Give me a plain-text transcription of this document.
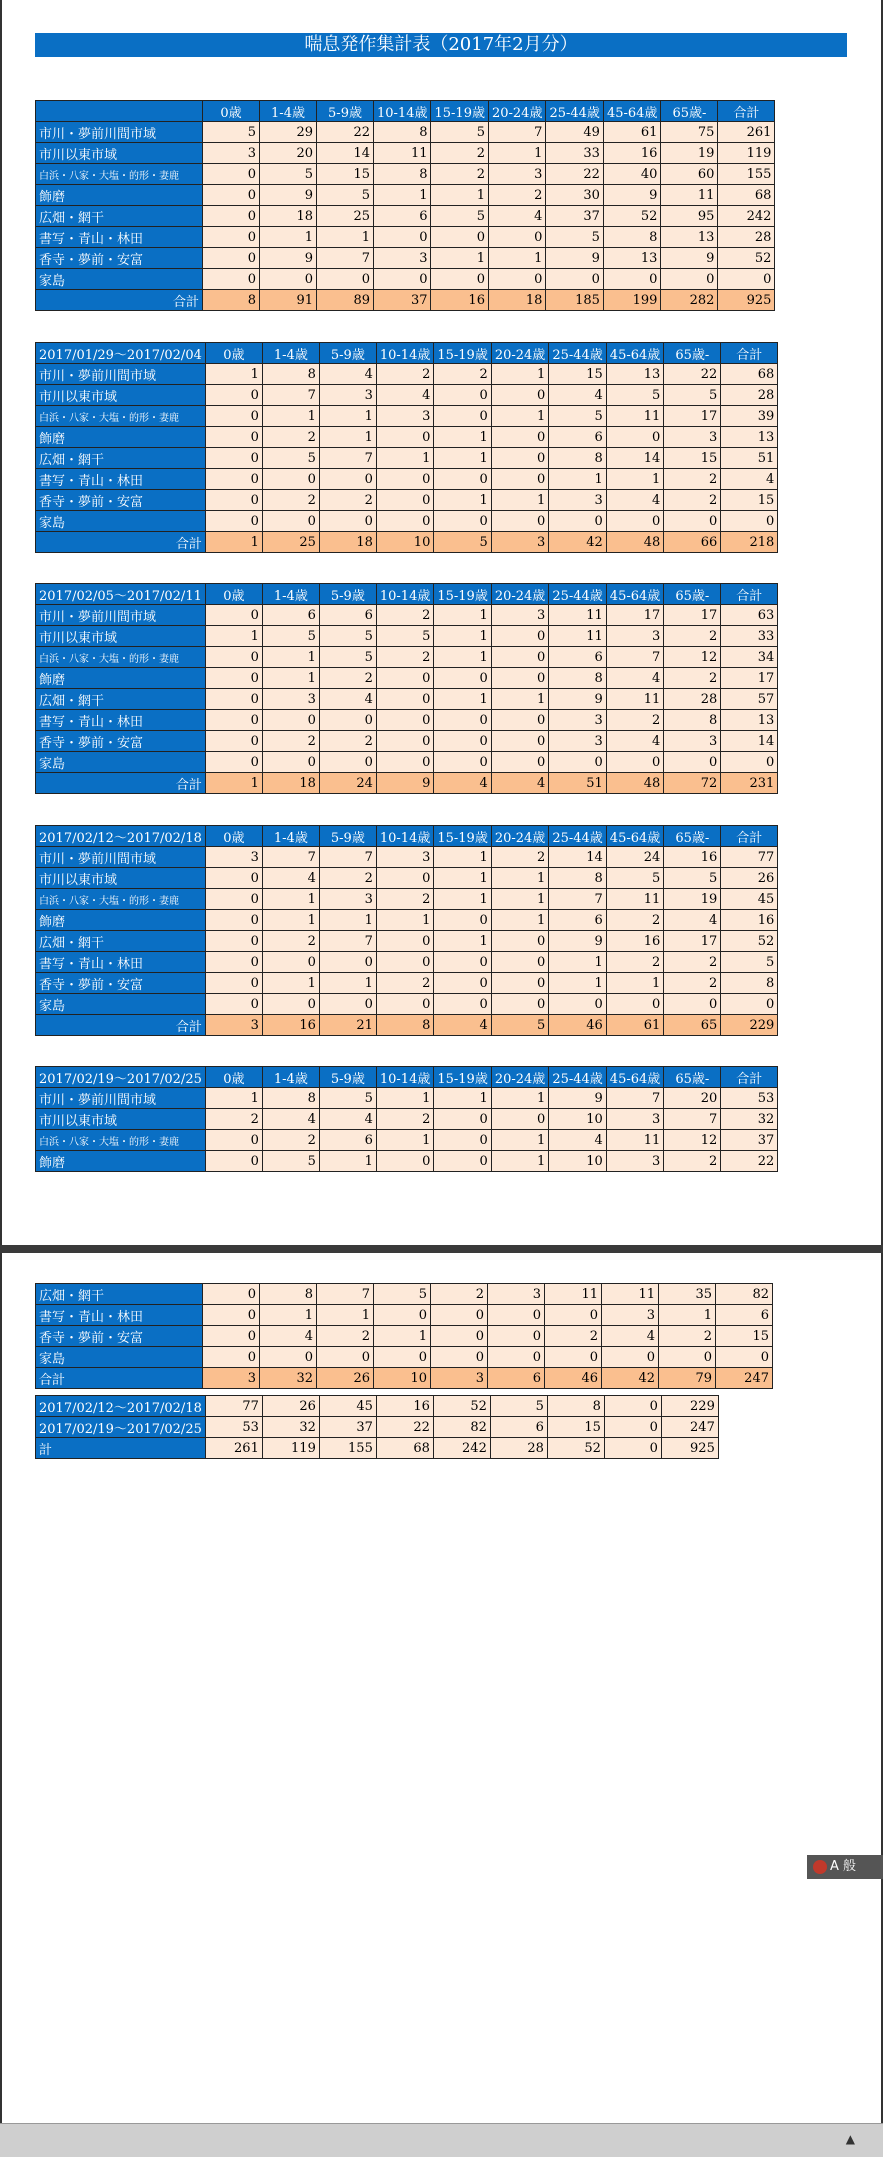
喘息発作集計表（2017年2月分）
	0歳	1-4歳	5-9歳	10-14歳	15-19歳	20-24歳	25-44歳	45-64歳	65歳-	合計
市川・夢前川間市域	5	29	22	8	5	7	49	61	75	261
市川以東市域	3	20	14	11	2	1	33	16	19	119
白浜・八家・大塩・的形・妻鹿	0	5	15	8	2	3	22	40	60	155
飾磨	0	9	5	1	1	2	30	9	11	68
広畑・網干	0	18	25	6	5	4	37	52	95	242
書写・青山・林田	0	1	1	0	0	0	5	8	13	28
香寺・夢前・安富	0	9	7	3	1	1	9	13	9	52
家島	0	0	0	0	0	0	0	0	0	0
合計	8	91	89	37	16	18	185	199	282	925
2017/01/29～2017/02/04	0歳	1-4歳	5-9歳	10-14歳	15-19歳	20-24歳	25-44歳	45-64歳	65歳-	合計
市川・夢前川間市域	1	8	4	2	2	1	15	13	22	68
市川以東市域	0	7	3	4	0	0	4	5	5	28
白浜・八家・大塩・的形・妻鹿	0	1	1	3	0	1	5	11	17	39
飾磨	0	2	1	0	1	0	6	0	3	13
広畑・網干	0	5	7	1	1	0	8	14	15	51
書写・青山・林田	0	0	0	0	0	0	1	1	2	4
香寺・夢前・安富	0	2	2	0	1	1	3	4	2	15
家島	0	0	0	0	0	0	0	0	0	0
合計	1	25	18	10	5	3	42	48	66	218
2017/02/05～2017/02/11	0歳	1-4歳	5-9歳	10-14歳	15-19歳	20-24歳	25-44歳	45-64歳	65歳-	合計
市川・夢前川間市域	0	6	6	2	1	3	11	17	17	63
市川以東市域	1	5	5	5	1	0	11	3	2	33
白浜・八家・大塩・的形・妻鹿	0	1	5	2	1	0	6	7	12	34
飾磨	0	1	2	0	0	0	8	4	2	17
広畑・網干	0	3	4	0	1	1	9	11	28	57
書写・青山・林田	0	0	0	0	0	0	3	2	8	13
香寺・夢前・安富	0	2	2	0	0	0	3	4	3	14
家島	0	0	0	0	0	0	0	0	0	0
合計	1	18	24	9	4	4	51	48	72	231
2017/02/12～2017/02/18	0歳	1-4歳	5-9歳	10-14歳	15-19歳	20-24歳	25-44歳	45-64歳	65歳-	合計
市川・夢前川間市域	3	7	7	3	1	2	14	24	16	77
市川以東市域	0	4	2	0	1	1	8	5	5	26
白浜・八家・大塩・的形・妻鹿	0	1	3	2	1	1	7	11	19	45
飾磨	0	1	1	1	0	1	6	2	4	16
広畑・網干	0	2	7	0	1	0	9	16	17	52
書写・青山・林田	0	0	0	0	0	0	1	2	2	5
香寺・夢前・安富	0	1	1	2	0	0	1	1	2	8
家島	0	0	0	0	0	0	0	0	0	0
合計	3	16	21	8	4	5	46	61	65	229
2017/02/19～2017/02/25	0歳	1-4歳	5-9歳	10-14歳	15-19歳	20-24歳	25-44歳	45-64歳	65歳-	合計
市川・夢前川間市域	1	8	5	1	1	1	9	7	20	53
市川以東市域	2	4	4	2	0	0	10	3	7	32
白浜・八家・大塩・的形・妻鹿	0	2	6	1	0	1	4	11	12	37
飾磨	0	5	1	0	0	1	10	3	2	22
広畑・網干	0	8	7	5	2	3	11	11	35	82
書写・青山・林田	0	1	1	0	0	0	0	3	1	6
香寺・夢前・安富	0	4	2	1	0	0	2	4	2	15
家島	0	0	0	0	0	0	0	0	0	0
合計	3	32	26	10	3	6	46	42	79	247
2017/02/12～2017/02/18	77	26	45	16	52	5	8	0	229
2017/02/19～2017/02/25	53	32	37	22	82	6	15	0	247
計	261	119	155	68	242	28	52	0	925
A 般
▲
